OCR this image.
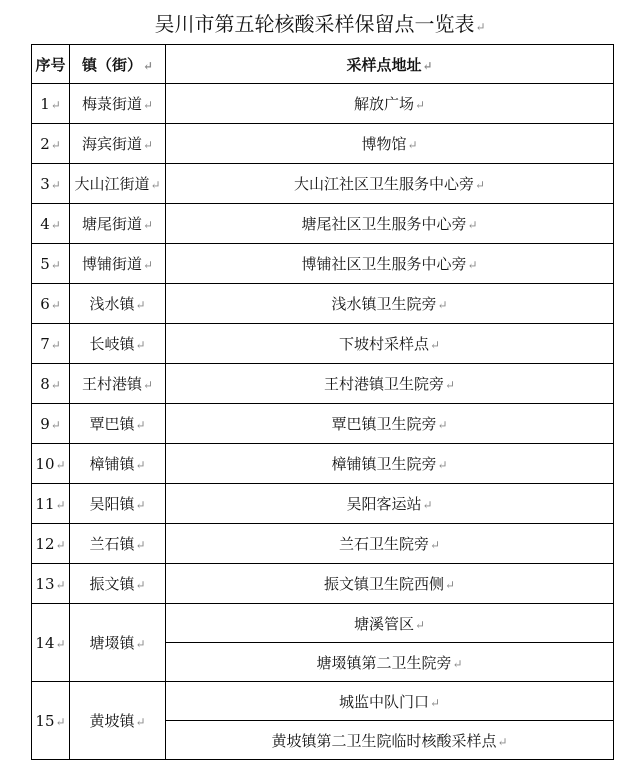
吴川市第五轮核酸采样保留点一览表↵
序号	镇（街）↵	采样点地址↵
1↵	梅菉街道↵	解放广场↵
2↵	海宾街道↵	博物馆↵
3↵	大山江街道↵	大山江社区卫生服务中心旁↵
4↵	塘尾街道↵	塘尾社区卫生服务中心旁↵
5↵	博铺街道↵	博铺社区卫生服务中心旁↵
6↵	浅水镇↵	浅水镇卫生院旁↵
7↵	长岐镇↵	下坡村采样点↵
8↵	王村港镇↵	王村港镇卫生院旁↵
9↵	覃巴镇↵	覃巴镇卫生院旁↵
10↵	樟铺镇↵	樟铺镇卫生院旁↵
11↵	吴阳镇↵	吴阳客运站↵
12↵	兰石镇↵	兰石卫生院旁↵
13↵	振文镇↵	振文镇卫生院西侧↵
14↵	塘㙍镇↵	塘溪管区↵
		塘㙍镇第二卫生院旁↵
15↵	黄坡镇↵	城监中队门口↵
		黄坡镇第二卫生院临时核酸采样点↵
